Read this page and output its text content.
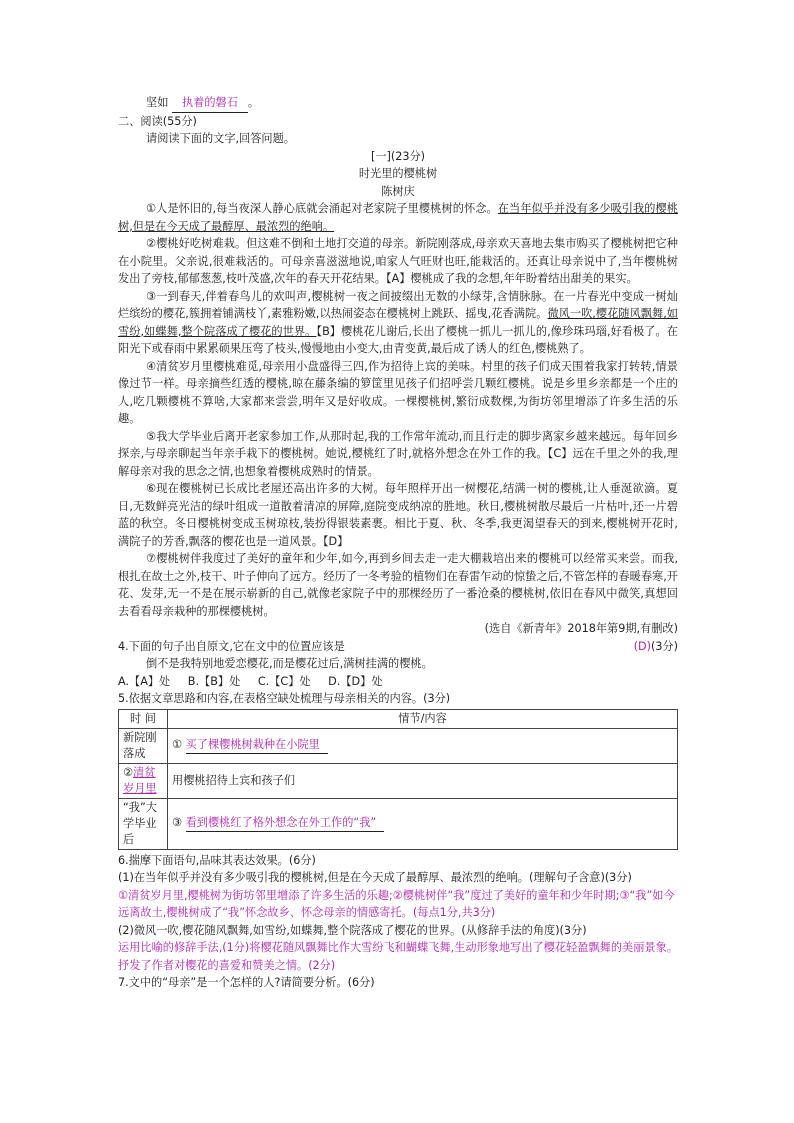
坚如 执着的磐石 。
二、阅读(55分)
请阅读下面的文字,回答问题。
[一](23分)
时光里的樱桃树
陈树庆

①人是怀旧的,每当夜深人静心底就会涌起对老家院子里樱桃树的怀念。在当年似乎并没有多少吸引我的樱桃树,但是在今天成了最醇厚、最浓烈的绝响。

②樱桃好吃树难栽。但这难不倒和土地打交道的母亲。新院刚落成,母亲欢天喜地去集市购买了樱桃树把它种在小院里。父亲说,很难栽活的。可母亲喜滋滋地说,咱家人气旺财也旺,能栽活的。还真让母亲说中了,当年樱桃树发出了旁枝,郁郁葱葱,枝叶茂盛,次年的春天开花结果。【A】樱桃成了我的念想,年年盼着结出甜美的果实。

③一到春天,伴着春鸟儿的欢叫声,樱桃树一夜之间披缀出无数的小绿芽,含情脉脉。在一片春光中变成一树灿烂缤纷的樱花,簇拥着铺满枝丫,素雅粉嫩,以热闹姿态在樱桃树上跳跃、摇曳,花香满院。微风一吹,樱花随风飘舞,如雪纷,如蝶舞,整个院落成了樱花的世界。【B】樱桃花儿谢后,长出了樱桃一抓儿一抓儿的,像珍珠玛瑙,好看极了。在阳光下或春雨中累累硕果压弯了枝头,慢慢地由小变大,由青变黄,最后成了诱人的红色,樱桃熟了。

④清贫岁月里樱桃难觅,母亲用小盘盛得三四,作为招待上宾的美味。村里的孩子们成天围着我家打转转,情景像过节一样。母亲摘些红透的樱桃,晾在藤条编的箩筐里见孩子们招呼尝几颗红樱桃。说是乡里乡亲都是一个庄的人,吃几颗樱桃不算啥,大家都来尝尝,明年又是好收成。一棵樱桃树,繁衍成数棵,为街坊邻里增添了许多生活的乐趣。

⑤我大学毕业后离开老家参加工作,从那时起,我的工作常年流动,而且行走的脚步离家乡越来越远。每年回乡探亲,与母亲聊起当年亲手栽下的樱桃树。她说,樱桃红了时,就格外想念在外工作的我。【C】远在千里之外的我,理解母亲对我的思念之情,也想象着樱桃成熟时的情景。

⑥现在樱桃树已长成比老屋还高出许多的大树。每年照样开出一树樱花,结满一树的樱桃,让人垂涎欲滴。夏日,无数鲜亮光洁的绿叶组成一道散着清凉的屏障,庭院变成纳凉的胜地。秋日,樱桃树散尽最后一片枯叶,还一片碧蓝的秋空。冬日樱桃树变成玉树琼枝,装扮得银装素裹。相比于夏、秋、冬季,我更渴望春天的到来,樱桃树开花时,满院子的芳香,飘落的樱花也是一道风景。【D】

⑦樱桃树伴我度过了美好的童年和少年,如今,再到乡间去走一走大棚栽培出来的樱桃可以经常买来尝。而我,根扎在故土之外,枝干、叶子伸向了远方。经历了一冬考验的植物们在春雷乍动的惊蛰之后,不管怎样的春暖春寒,开花、发芽,无一不是在展示崭新的自己,就像老家院子中的那棵经历了一番沧桑的樱桃树,依旧在春风中微笑,真想回去看看母亲栽种的那棵樱桃树。

(选自《新青年》2018年第9期,有删改)
4.下面的句子出自原文,它在文中的位置应该是	(D)(3分)
倒不是我特别地爱恋樱花,而是樱花过后,满树挂满的樱桃。
A.【A】处 B.【B】处 C.【C】处 D.【D】处
5.依据文章思路和内容,在表格空缺处梳理与母亲相关的内容。(3分)
时 间	情节/内容
新院刚落成	① 买了棵樱桃树栽种在小院里
②清贫岁月里	用樱桃招待上宾和孩子们
“我”大学毕业后	③ 看到樱桃红了格外想念在外工作的“我”
6.揣摩下面语句,品味其表达效果。(6分)
(1)在当年似乎并没有多少吸引我的樱桃树,但是在今天成了最醇厚、最浓烈的绝响。(理解句子含意)(3分)
①清贫岁月里,樱桃树为街坊邻里增添了许多生活的乐趣;②樱桃树伴“我”度过了美好的童年和少年时期;③“我”如今远离故土,樱桃树成了“我”怀念故乡、怀念母亲的情感寄托。(每点1分,共3分)
(2)微风一吹,樱花随风飘舞,如雪纷,如蝶舞,整个院落成了樱花的世界。(从修辞手法的角度)(3分)
运用比喻的修辞手法,(1分)将樱花随风飘舞比作大雪纷飞和蝴蝶飞舞,生动形象地写出了樱花轻盈飘舞的美丽景象。抒发了作者对樱花的喜爱和赞美之情。(2分)
7.文中的“母亲”是一个怎样的人?请简要分析。(6分)
